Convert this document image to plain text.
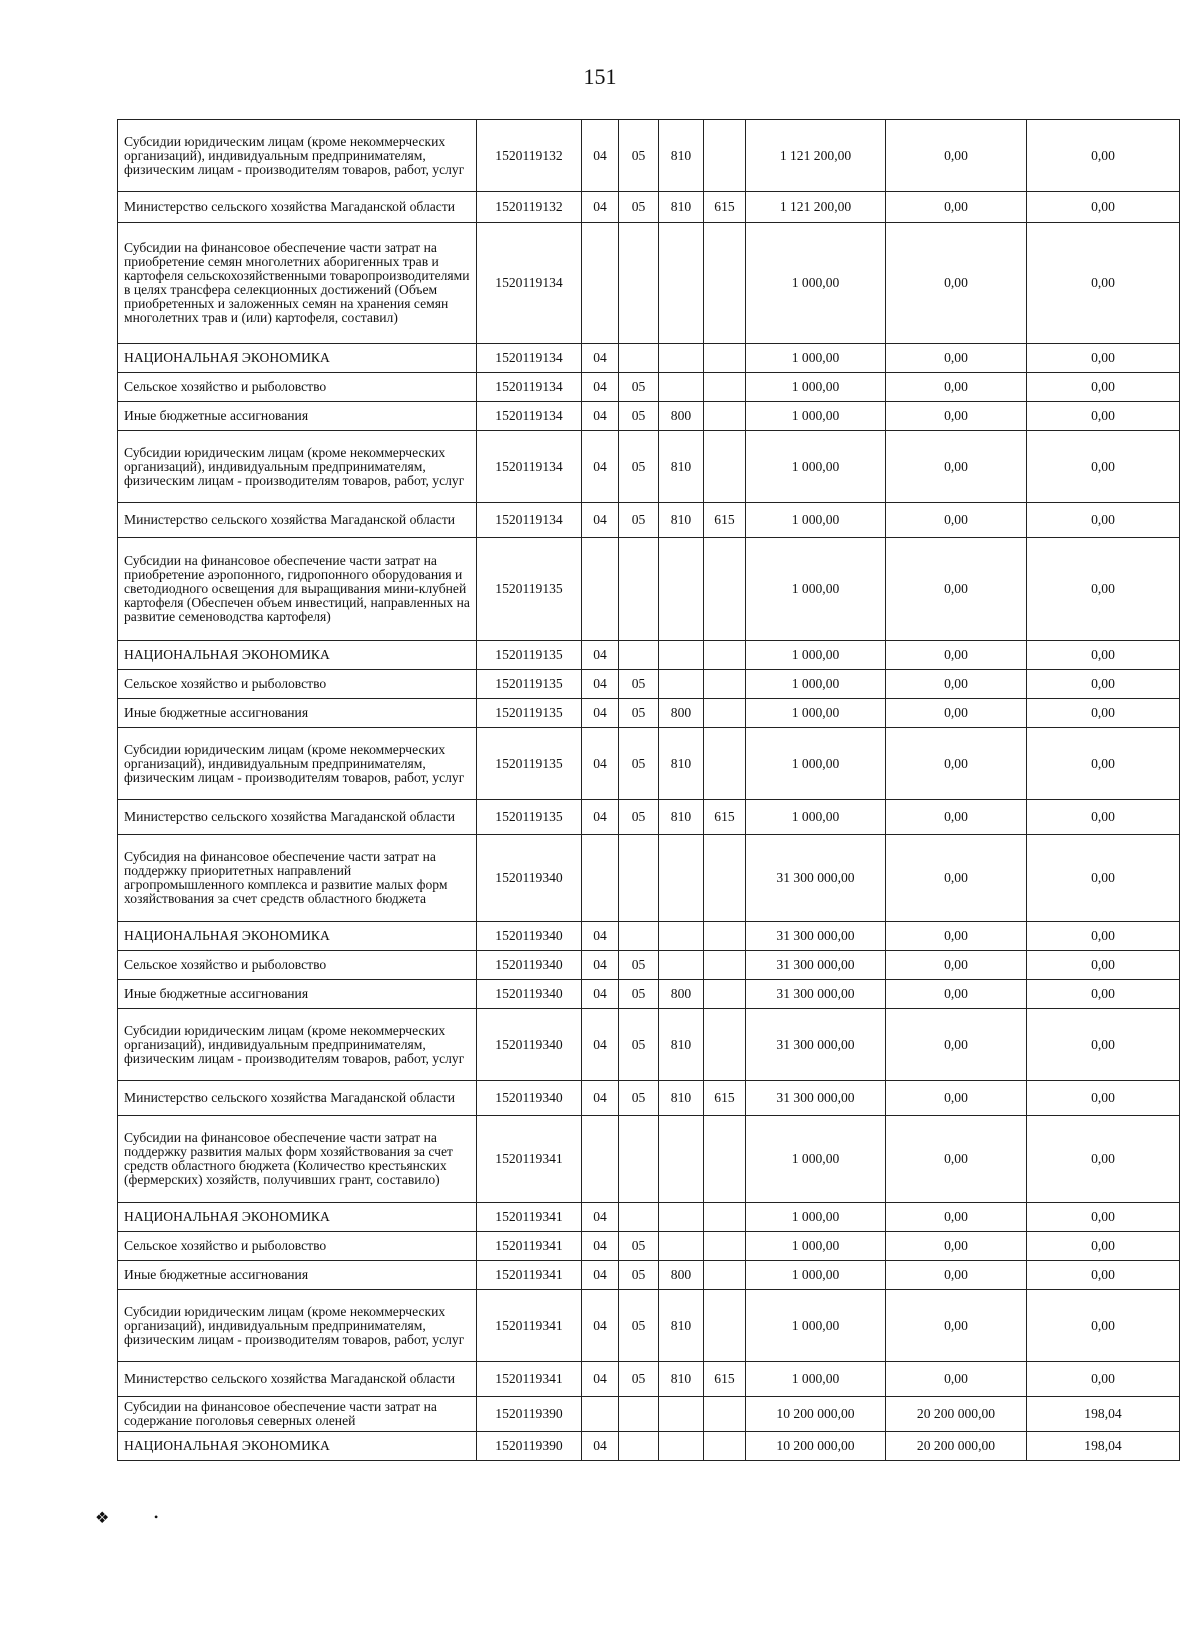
151
Субсидии юридическим лицам (кроме некоммерческих организаций), индивидуальным предпринимателям, физическим лицам - производителям товаров, работ, услуг	1520119132	04	05	810		1 121 200,00	0,00	0,00
Министерство сельского хозяйства Магаданской области	1520119132	04	05	810	615	1 121 200,00	0,00	0,00
Субсидии на финансовое обеспечение части затрат на приобретение семян многолетних аборигенных трав и картофеля сельскохозяйственными товаропроизводителями в целях трансфера селекционных достижений (Объем приобретенных и заложенных семян на хранения семян многолетних трав и (или) картофеля, составил)	1520119134					1 000,00	0,00	0,00
НАЦИОНАЛЬНАЯ ЭКОНОМИКА	1520119134	04				1 000,00	0,00	0,00
Сельское хозяйство и рыболовство	1520119134	04	05			1 000,00	0,00	0,00
Иные бюджетные ассигнования	1520119134	04	05	800		1 000,00	0,00	0,00
Субсидии юридическим лицам (кроме некоммерческих организаций), индивидуальным предпринимателям, физическим лицам - производителям товаров, работ, услуг	1520119134	04	05	810		1 000,00	0,00	0,00
Министерство сельского хозяйства Магаданской области	1520119134	04	05	810	615	1 000,00	0,00	0,00
Субсидии на финансовое обеспечение части затрат на приобретение аэропонного, гидропонного оборудования и светодиодного освещения для выращивания мини-клубней картофеля (Обеспечен объем инвестиций, направленных на развитие семеноводства картофеля)	1520119135					1 000,00	0,00	0,00
НАЦИОНАЛЬНАЯ ЭКОНОМИКА	1520119135	04				1 000,00	0,00	0,00
Сельское хозяйство и рыболовство	1520119135	04	05			1 000,00	0,00	0,00
Иные бюджетные ассигнования	1520119135	04	05	800		1 000,00	0,00	0,00
Субсидии юридическим лицам (кроме некоммерческих организаций), индивидуальным предпринимателям, физическим лицам - производителям товаров, работ, услуг	1520119135	04	05	810		1 000,00	0,00	0,00
Министерство сельского хозяйства Магаданской области	1520119135	04	05	810	615	1 000,00	0,00	0,00
Субсидия на финансовое обеспечение части затрат на поддержку приоритетных направлений агропромышленного комплекса и развитие малых форм хозяйствования за счет средств областного бюджета	1520119340					31 300 000,00	0,00	0,00
НАЦИОНАЛЬНАЯ ЭКОНОМИКА	1520119340	04				31 300 000,00	0,00	0,00
Сельское хозяйство и рыболовство	1520119340	04	05			31 300 000,00	0,00	0,00
Иные бюджетные ассигнования	1520119340	04	05	800		31 300 000,00	0,00	0,00
Субсидии юридическим лицам (кроме некоммерческих организаций), индивидуальным предпринимателям, физическим лицам - производителям товаров, работ, услуг	1520119340	04	05	810		31 300 000,00	0,00	0,00
Министерство сельского хозяйства Магаданской области	1520119340	04	05	810	615	31 300 000,00	0,00	0,00
Субсидии на финансовое обеспечение части затрат на поддержку развития малых форм хозяйствования за счет средств областного бюджета (Количество крестьянских (фермерских) хозяйств, получивших грант, составило)	1520119341					1 000,00	0,00	0,00
НАЦИОНАЛЬНАЯ ЭКОНОМИКА	1520119341	04				1 000,00	0,00	0,00
Сельское хозяйство и рыболовство	1520119341	04	05			1 000,00	0,00	0,00
Иные бюджетные ассигнования	1520119341	04	05	800		1 000,00	0,00	0,00
Субсидии юридическим лицам (кроме некоммерческих организаций), индивидуальным предпринимателям, физическим лицам - производителям товаров, работ, услуг	1520119341	04	05	810		1 000,00	0,00	0,00
Министерство сельского хозяйства Магаданской области	1520119341	04	05	810	615	1 000,00	0,00	0,00
Субсидии на финансовое обеспечение части затрат на содержание поголовья северных оленей	1520119390					10 200 000,00	20 200 000,00	198,04
НАЦИОНАЛЬНАЯ ЭКОНОМИКА	1520119390	04				10 200 000,00	20 200 000,00	198,04
❖	•
